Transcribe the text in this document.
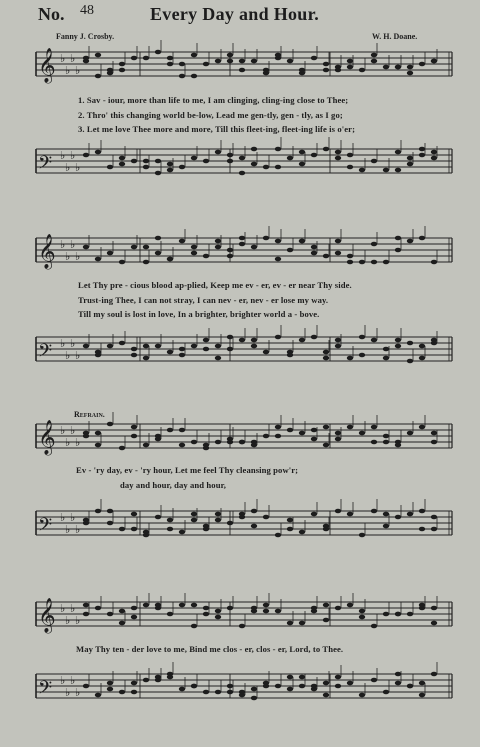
No. 48	Every Day and Hour.
Fanny J. Crosby.	W. H. Doane.
𝄞 ♭
♭
♭
♭
1. Sav - iour, more than life to me, I am clinging, cling-ing close to Thee;
2. Thro' this changing world be-low, Lead me gen-tly, gen - tly, as I go;
3. Let me love Thee more and more, Till this fleet-ing, fleet-ing life is o'er;
𝄢 ♭
♭
♭
♭
𝄞 ♭
♭
♭
♭
Let Thy pre - cious blood ap-plied, Keep me ev - er, ev - er near Thy side.
Trust-ing Thee, I can not stray, I can nev - er, nev - er lose my way.
Till my soul is lost in love, In a brighter, brighter world a - bove.
𝄢 ♭
♭
♭
♭
Refrain.
𝄞 ♭
♭
♭
♭
Ev - 'ry day, ev - 'ry hour, Let me feel Thy cleansing pow'r;
day and hour, day and hour,
𝄢 ♭
♭
♭
♭
𝄞 ♭
♭
♭
♭
May Thy ten - der love to me, Bind me clos - er, clos - er, Lord, to Thee.
𝄢 ♭
♭
♭
♭
